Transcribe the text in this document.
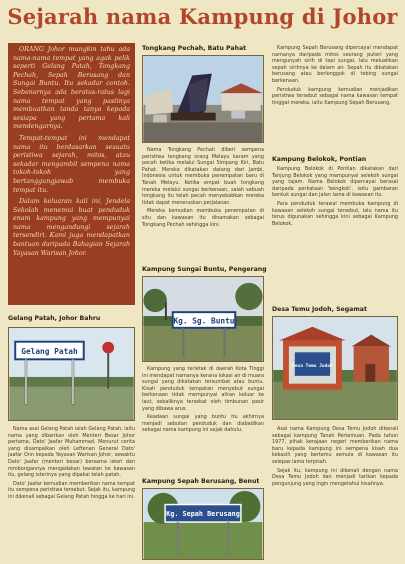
Sejarah nama Kampung di Johor

ORANG Johor mungkin tahu ada nama-nama tempat yang agak pelik seperti Gelang Patah, Tongkang Pechah, Sepah Berusang dan Sungai Buntu. Itu sekadar contoh. Sebenarnya ada beratus-ratus lagi nama tempat yang pastinya membuatkan tanda tanya kepada sesiapa yang pertama kali mendengarnya.

Tempat-tempat ini mendapat nama itu berdasarkan sesuatu peristiwa sejarah, mitos, atau sekadar mengambil sempena nama tokoh-tokoh yang bertanggungjawab membuka tempat itu.

Dalam keluaran kali ini, Jendela Sekolah menemui buat penduduk enam kampung yang mempunyai nama mengandungi sejarah tersendiri. Kami juga mendapatkan bantuan daripada Bahagian Sejarah Yayasan Warisan Johor.

Tongkang Pechah, Batu Pahat

Nama Tongkang Pechah diberi sempena peristiwa tongkang orang Melayu karam yang pecah ketika melalui Sungai Simpang Kiri, Batu Pahat. Mereka dikatakan datang dari Jambi, Indonesia untuk membuka penempatan baru di Tanah Melayu. Ketika empat buah tongkang mereka melalui sungai berkenaan, salah sebuah tongkang itu telah pecah menyebabkan mereka tidak dapat meneruskan perjalanan.

Mereka kemudian membuka penempatan di situ dan kawasan itu dinamakan sebagai Tongkang Pechah sehingga kini.

Kampung Sungai Buntu, Pengerang
Kg. Sg. Buntu

Kampung yang terletak di daerah Kota Tinggi ini mendapat namanya kerana lokasi air di muara sungai yang dikatakan tersumbat atau buntu. Kisah penduduk tempatan menyebut sungai berkenaan tidak mempunyai aliran keluar ke laut, sebaliknya tersekat oleh timbunan pasir yang dibawa arus.

Keadaan sungai yang buntu itu akhirnya menjadi sebutan penduduk dan diabadikan sebagai nama kampung ini sejak dahulu.

Kampung Sepah Berusang, Benut
Kg. Sepah Berusang
Gelang Patah, Johor Bahru
Gelang Patah

Nama asal Gelang Patah ialah Gelang Patah, iaitu nama yang diberikan oleh Menteri Besar Johor pertama, Dato' Jaafar Muhammad. Menurut cerita yang disampaikan oleh Leftenan General Dato' Jaafar Onn kepada Yayasan Warisan Johor, sewaktu Dato' Jaafar (menteri besar) bersama isteri dan rombongannya mengadakan lawatan ke kawasan itu, gelang isterinya yang dipakai telah patah.

Dato' Jaafar kemudian memberikan nama tempat itu sempena peristiwa tersebut. Sejak itu, kampung ini dikenali sebagai Gelang Patah hingga ke hari ini.

Kampung Sepah Berusang dipercayai mendapat namanya daripada mitos seorang puteri yang mengunyah sirih di tepi sungai, lalu meluahkan sepah sirihnya ke dalam air. Sepah itu dikatakan berusang atau berlonggok di tebing sungai berkenaan.

Penduduk kampung kemudian menjadikan peristiwa tersebut sebagai nama kawasan tempat tinggal mereka, iaitu Kampung Sepah Berusang.

Kampung Belokok, Pontian

Kampung Belokok di Pontian dikatakan dari Tanjung Belokok yang mempunyai selekoh sungai yang tajam. Nama Belokok dipercayai berasal daripada perkataan 'bengkok', iaitu gambaran bentuk sungai dan jalan lama di kawasan itu.

Para penduduk terawal membuka kampung di kawasan selekoh sungai tersebut, lalu nama itu terus digunakan sehingga kini sebagai Kampung Belokok.

Desa Temu Jodoh, Segamat
Desa Temu Jodoh

Asal nama Kampung Desa Temu Jodoh dikenali sebagai kampung Tanah Pertemuan. Pada tahun 1977, pihak kerajaan negeri memberikan nama baru kepada kampung ini sempena kisah dua kekasih yang bertemu semula di kawasan itu selepas lama terpisah.

Sejak itu, kampung ini dikenali dengan nama Desa Temu Jodoh dan menjadi tarikan kepada pengunjung yang ingin mengetahui kisahnya.
